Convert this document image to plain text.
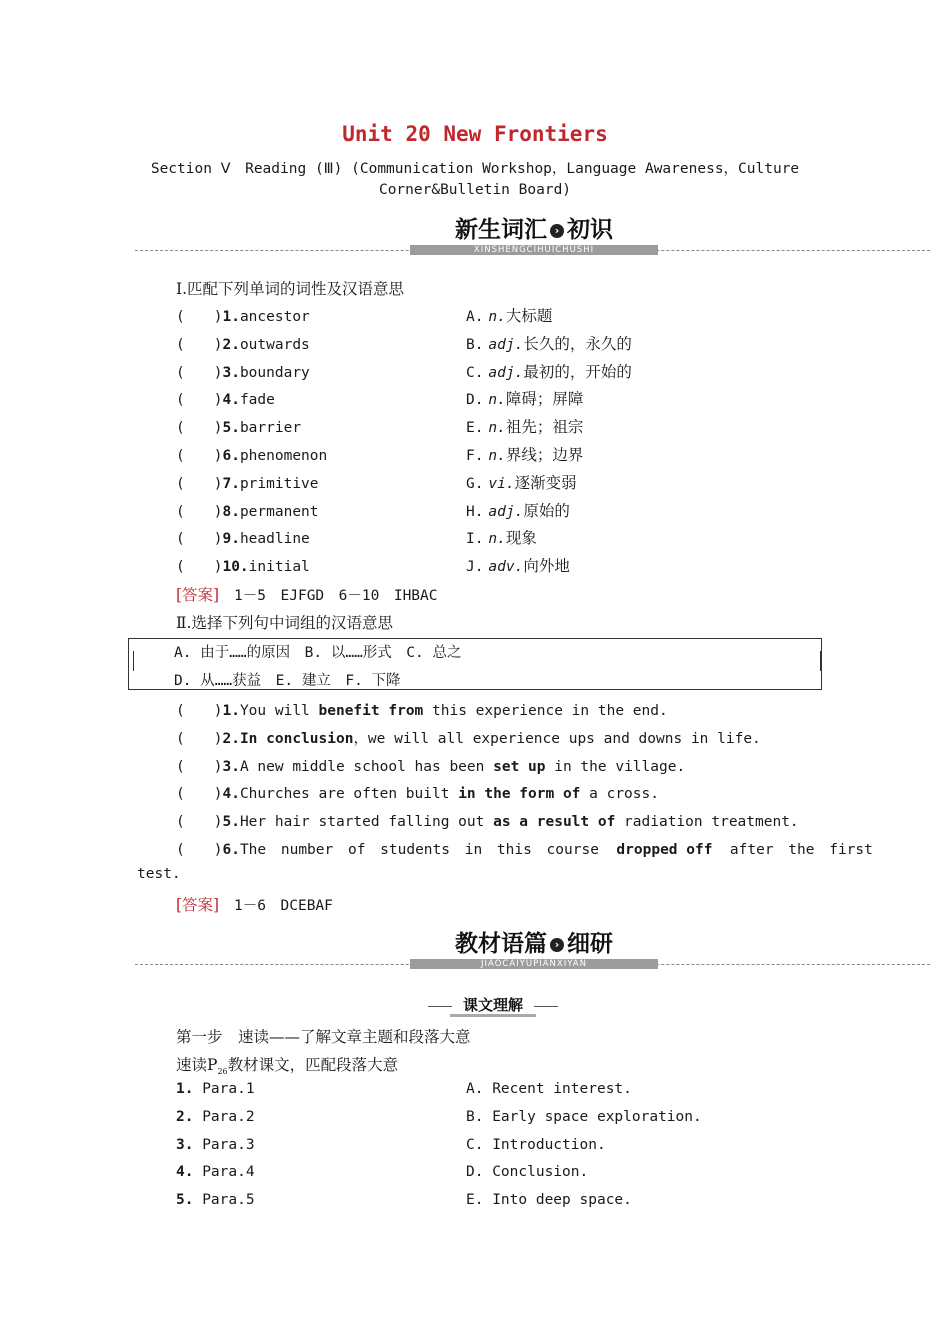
Unit 20 New Frontiers
Section Ⅴ　Reading (Ⅲ) (Communication Workshop，Language Awareness，Culture
Corner&Bulletin Board)
XINSHENGCIHUICHUSHI
新生词汇 › 初识
Ⅰ.匹配下列单词的词性及汉语意思
(　　)1.ancestor	A. n.大标题
(　　)2.outwards	B. adj.长久的，永久的
(　　)3.boundary	C. adj.最初的，开始的
(　　)4.fade	D. n.障碍；屏障
(　　)5.barrier	E. n.祖先；祖宗
(　　)6.phenomenon	F. n.界线；边界
(　　)7.primitive	G. vi.逐渐变弱
(　　)8.permanent	H. adj.原始的
(　　)9.headline	I. n.现象
(　　)10.initial	J. adv.向外地
[答案] 1－5　EJFGD　6－10　IHBAC
Ⅱ.选择下列句中词组的汉语意思
A. 由于……的原因　B. 以……形式　C. 总之
D. 从……获益　E. 建立　F. 下降
(　　)1.You will benefit from this experience in the end.
(　　)2.In conclusion，we will all experience ups and downs in life.
(　　)3.A new middle school has been set up in the village.
(　　)4.Churches are often built in the form of a cross.
(　　)5.Her hair started falling out as a result of radiation treatment.
(　　)6.The number of students in this course dropped off after the first
test.
[答案] 1－6　DCEBAF
JIAOCAIYUPIANXIYAN
教材语篇 › 细研
课文理解
第一步　速读——了解文章主题和段落大意
速读$P_{26}$教材课文，匹配段落大意
1. Para.1	A. Recent interest.
2. Para.2	B. Early space exploration.
3. Para.3	C. Introduction.
4. Para.4	D. Conclusion.
5. Para.5	E. Into deep space.
